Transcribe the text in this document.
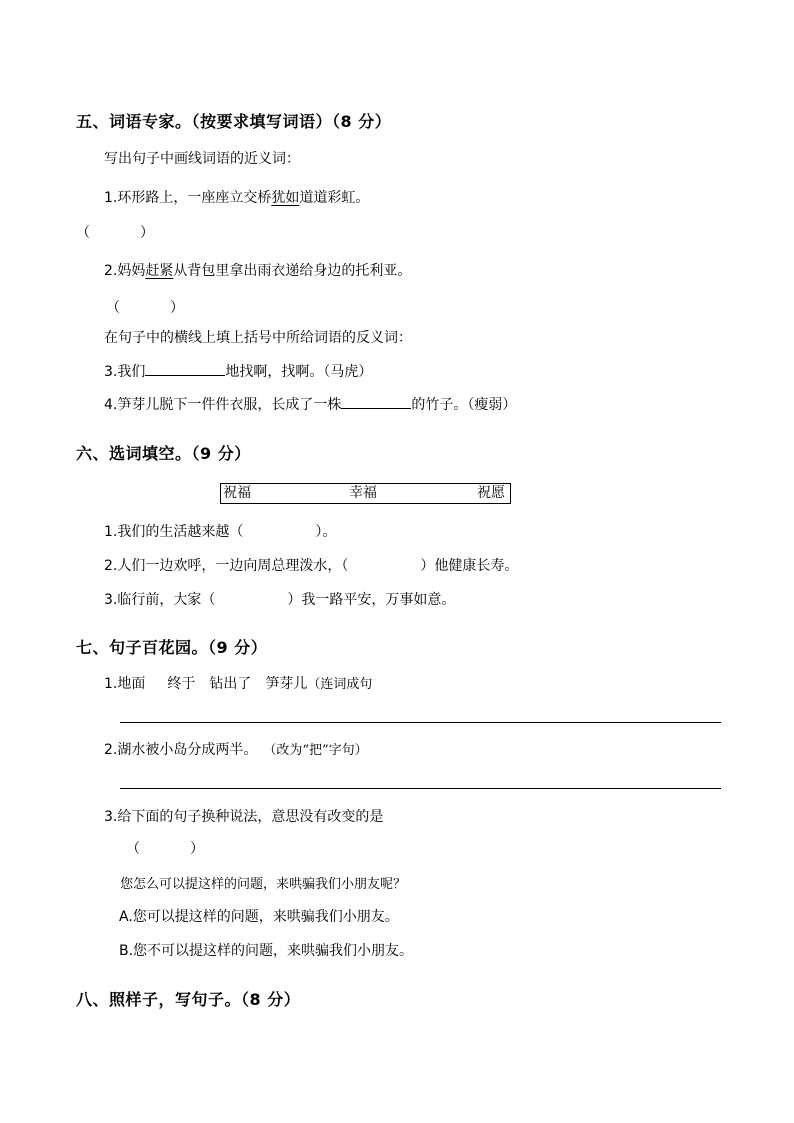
五、词语专家。（按要求填写词语）（8 分）
写出句子中画线词语的近义词：
1.环形路上，一座座立交桥犹如道道彩虹。
（	）
2.妈妈赶紧从背包里拿出雨衣递给身边的托利亚。
（	）
在句子中的横线上填上括号中所给词语的反义词：
3.我们	地找啊，找啊。（马虎）
4.笋芽儿脱下一件件衣服，长成了一株	的竹子。（瘦弱）
六、选词填空。（9 分）
祝福	幸福	祝愿
1.我们的生活越来越（	）。
2.人们一边欢呼，一边向周总理泼水，（	）他健康长寿。
3.临行前，大家（	）我一路平安，万事如意。
七、句子百花园。（9 分）
1.地面 终于 钻出了 笋芽儿（连词成句
2.湖水被小岛分成两半。 （改为“把”字句）
3.给下面的句子换种说法，意思没有改变的是
（	）
您怎么可以提这样的问题，来哄骗我们小朋友呢？
A.您可以提这样的问题，来哄骗我们小朋友。
B.您不可以提这样的问题，来哄骗我们小朋友。
八、照样子，写句子。（8 分）
